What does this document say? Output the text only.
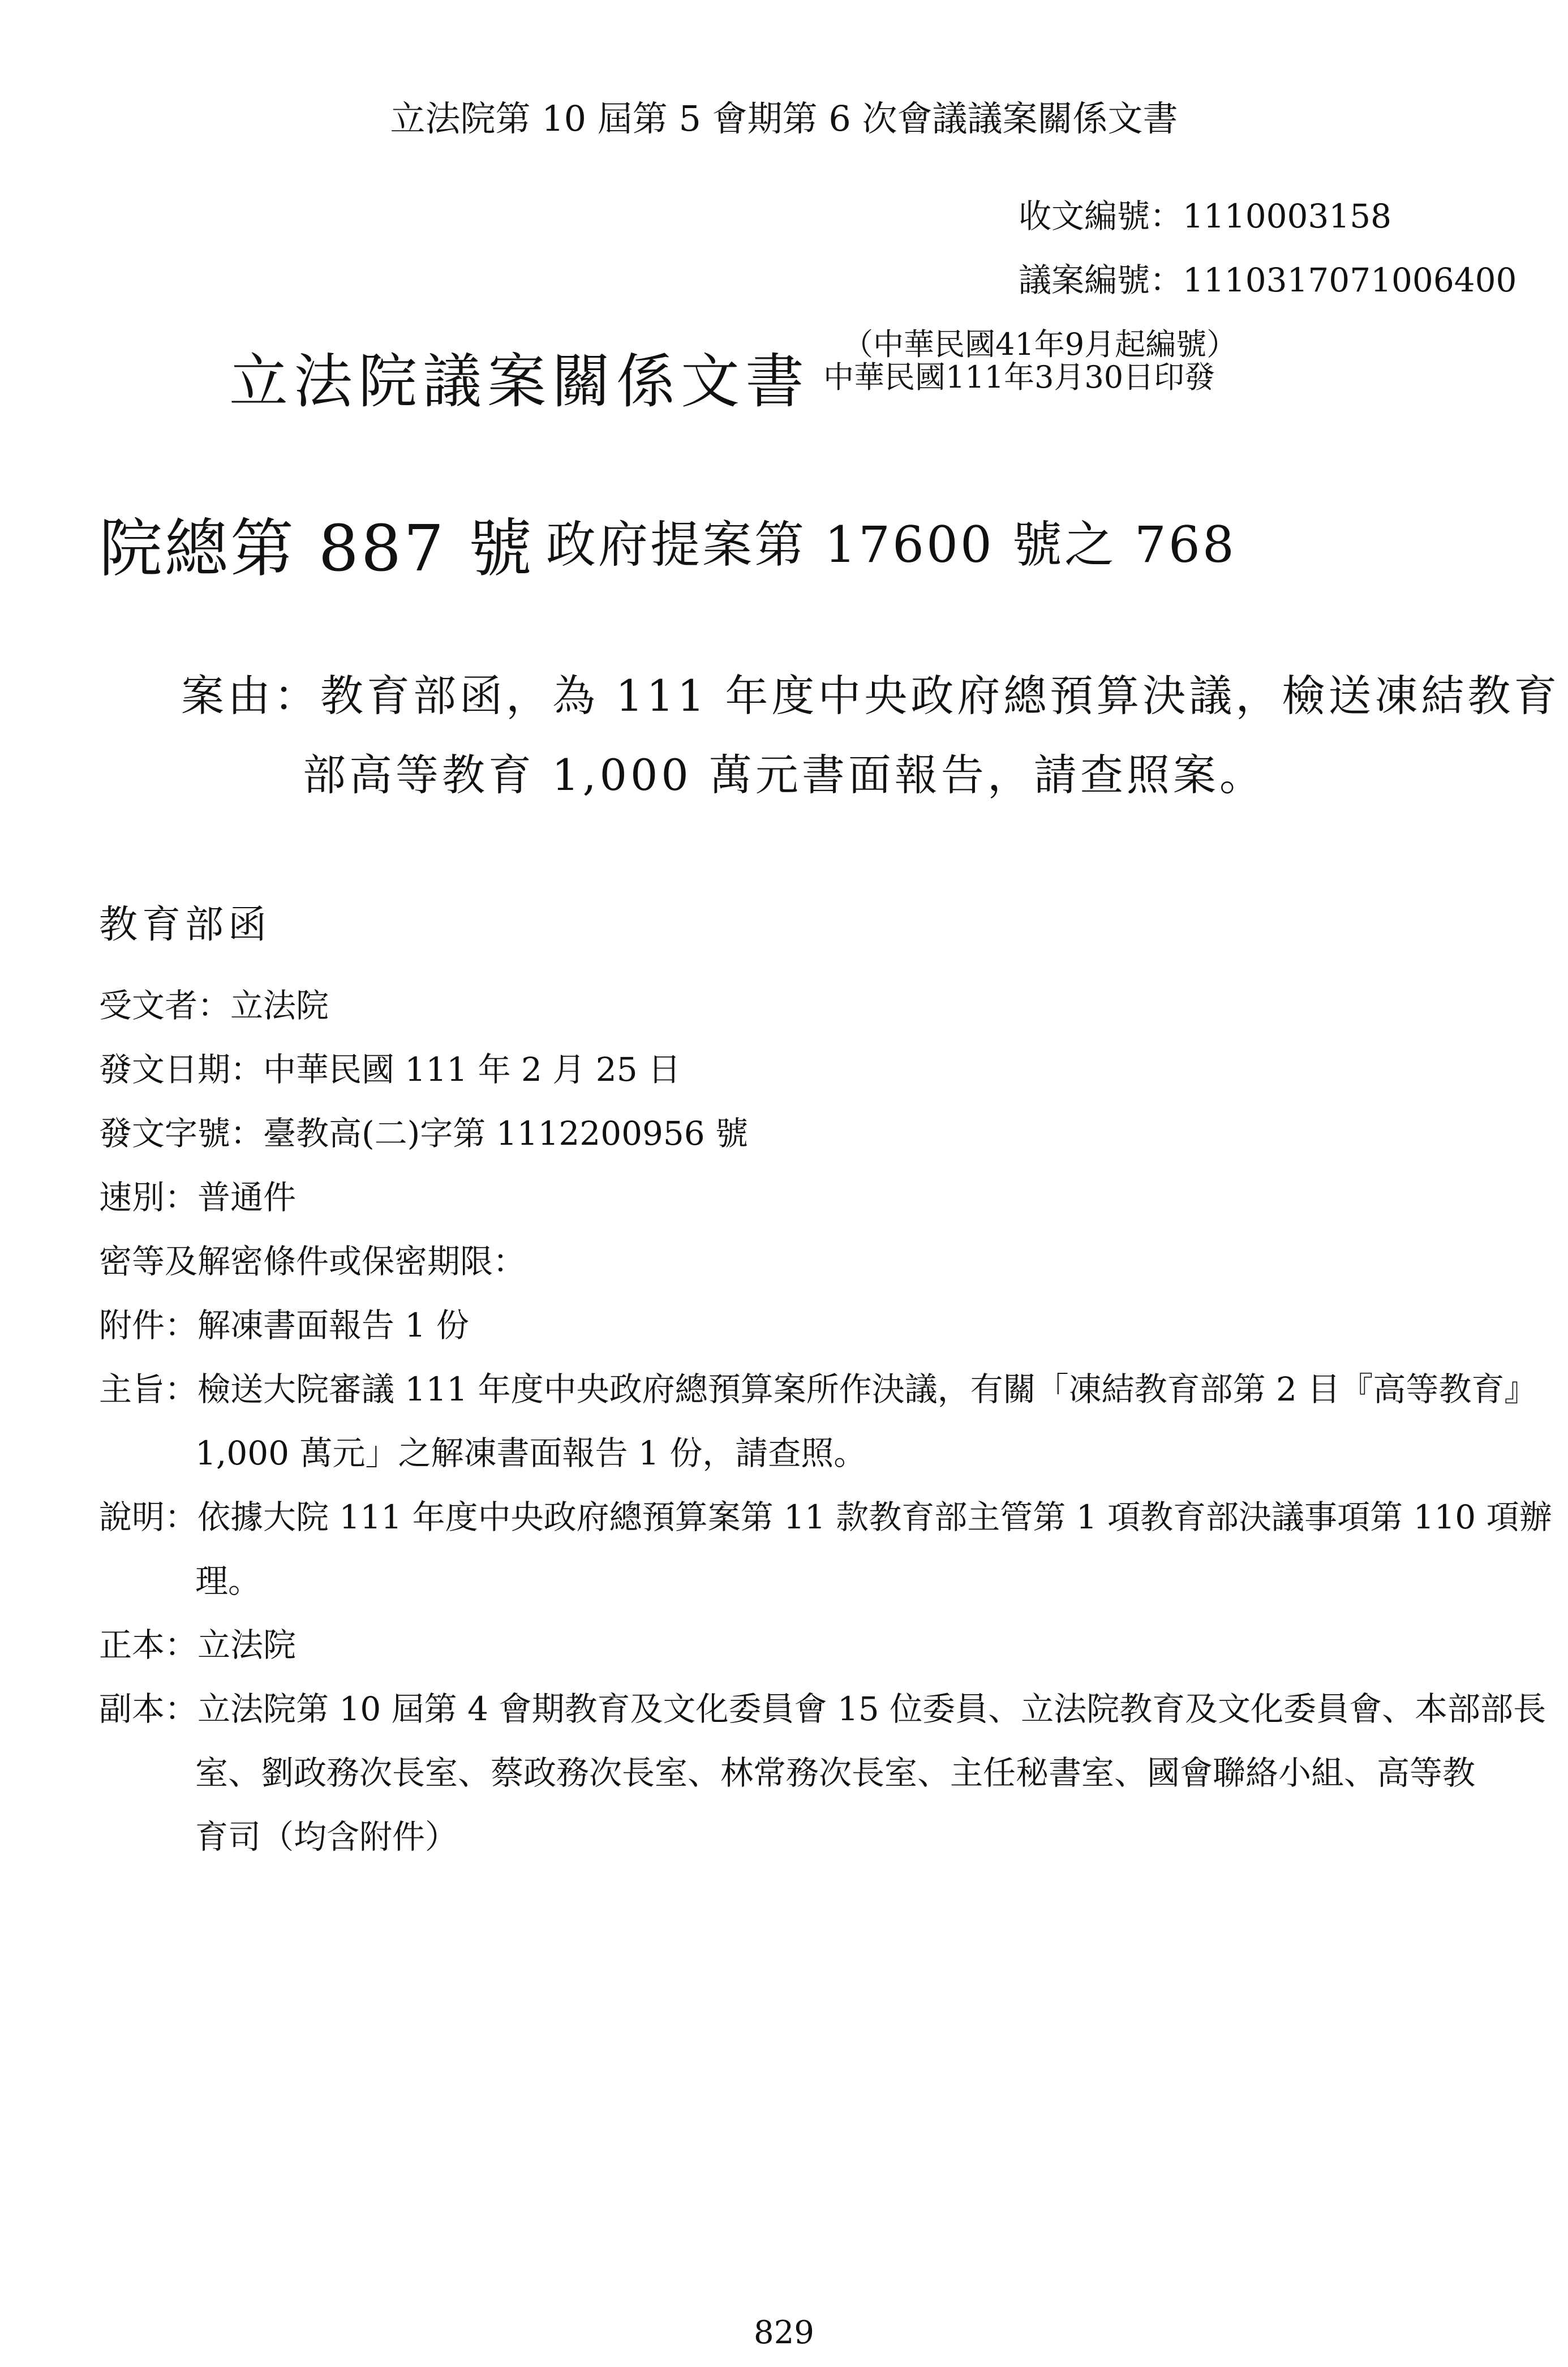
立法院第 10 屆第 5 會期第 6 次會議議案關係文書
收文編號：1110003158
議案編號：1110317071006400
立法院議案關係文書
（中華民國41年9月起編號）
中華民國111年3月30日印發
院總第 887 號 政府提案第 17600 號之 768
案由：教育部函，為 111 年度中央政府總預算決議，檢送凍結教育
部高等教育 1,000 萬元書面報告，請查照案。
教育部函
受文者：立法院
發文日期：中華民國 111 年 2 月 25 日
發文字號：臺教高(二)字第 1112200956 號
速別：普通件
密等及解密條件或保密期限：
附件：解凍書面報告 1 份
主旨：檢送大院審議 111 年度中央政府總預算案所作決議，有關「凍結教育部第 2 目『高等教育』
1,000 萬元」之解凍書面報告 1 份，請查照。
說明：依據大院 111 年度中央政府總預算案第 11 款教育部主管第 1 項教育部決議事項第 110 項辦
理。
正本：立法院
副本：立法院第 10 屆第 4 會期教育及文化委員會 15 位委員、立法院教育及文化委員會、本部部長
室、劉政務次長室、蔡政務次長室、林常務次長室、主任秘書室、國會聯絡小組、高等教
育司（均含附件）
829
